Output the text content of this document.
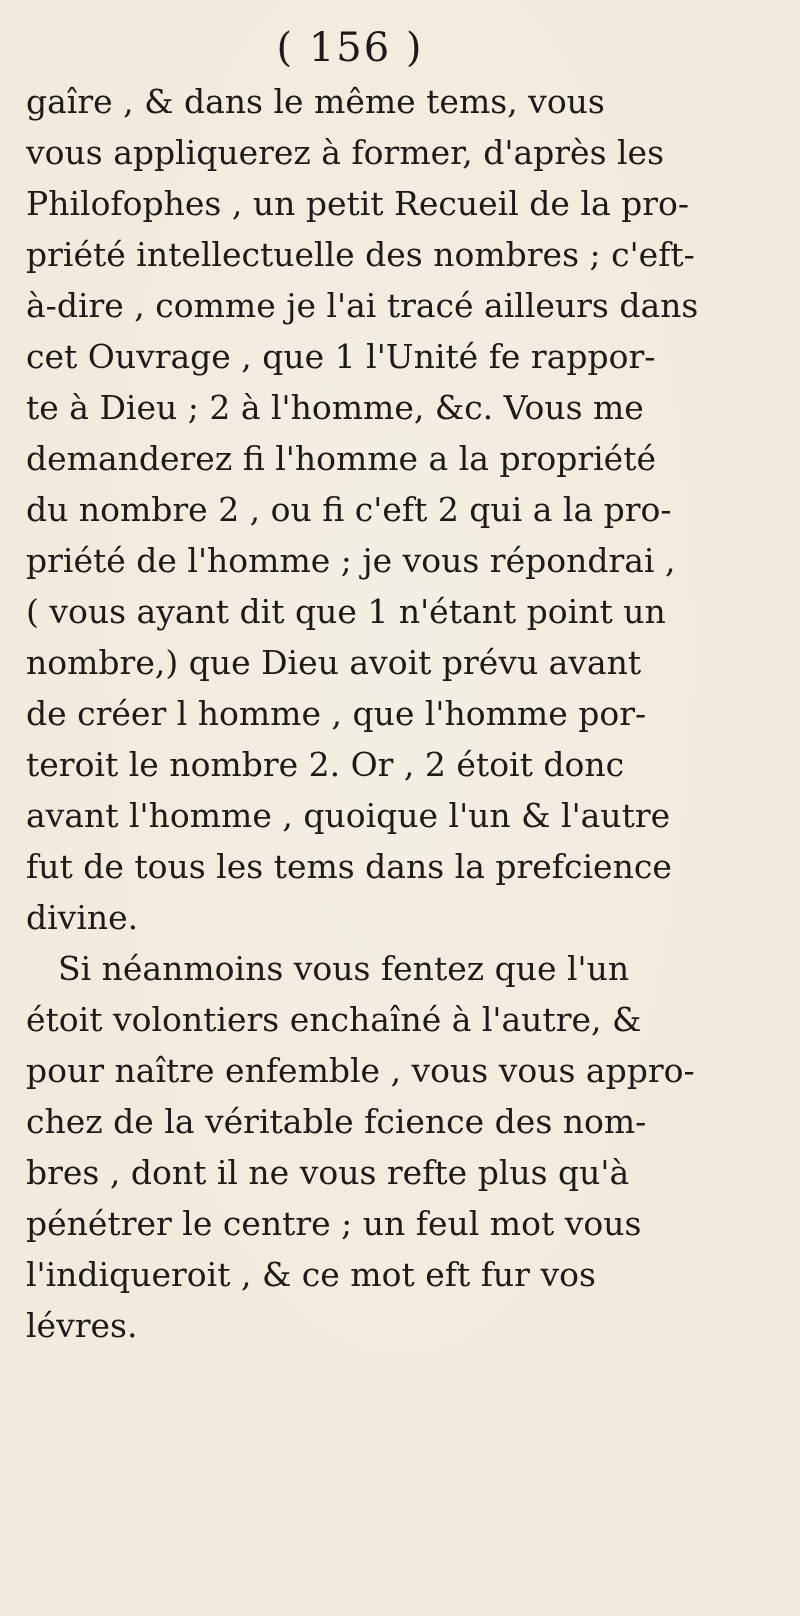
( 156 )
gaîre , & dans le même tems, vous
vous appliquerez à former, d'après les
Philofophes , un petit Recueil de la pro-
priété intellectuelle des nombres ; c'eft-
à-dire , comme je l'ai tracé ailleurs dans
cet Ouvrage , que 1 l'Unité fe rappor-
te à Dieu ; 2 à l'homme, &c. Vous me
demanderez fi l'homme a la propriété
du nombre 2 , ou fi c'eft 2 qui a la pro-
priété de l'homme ; je vous répondrai ,
( vous ayant dit que 1 n'étant point un
nombre,) que Dieu avoit prévu avant
de créer l homme , que l'homme por-
teroit le nombre 2. Or , 2 étoit donc
avant l'homme , quoique l'un & l'autre
fut de tous les tems dans la prefcience
divine.
Si néanmoins vous fentez que l'un
étoit volontiers enchaîné à l'autre, &
pour naître enfemble , vous vous appro-
chez de la véritable fcience des nom-
bres , dont il ne vous refte plus qu'à
pénétrer le centre ; un feul mot vous
l'indiqueroit , & ce mot eft fur vos
lévres.
